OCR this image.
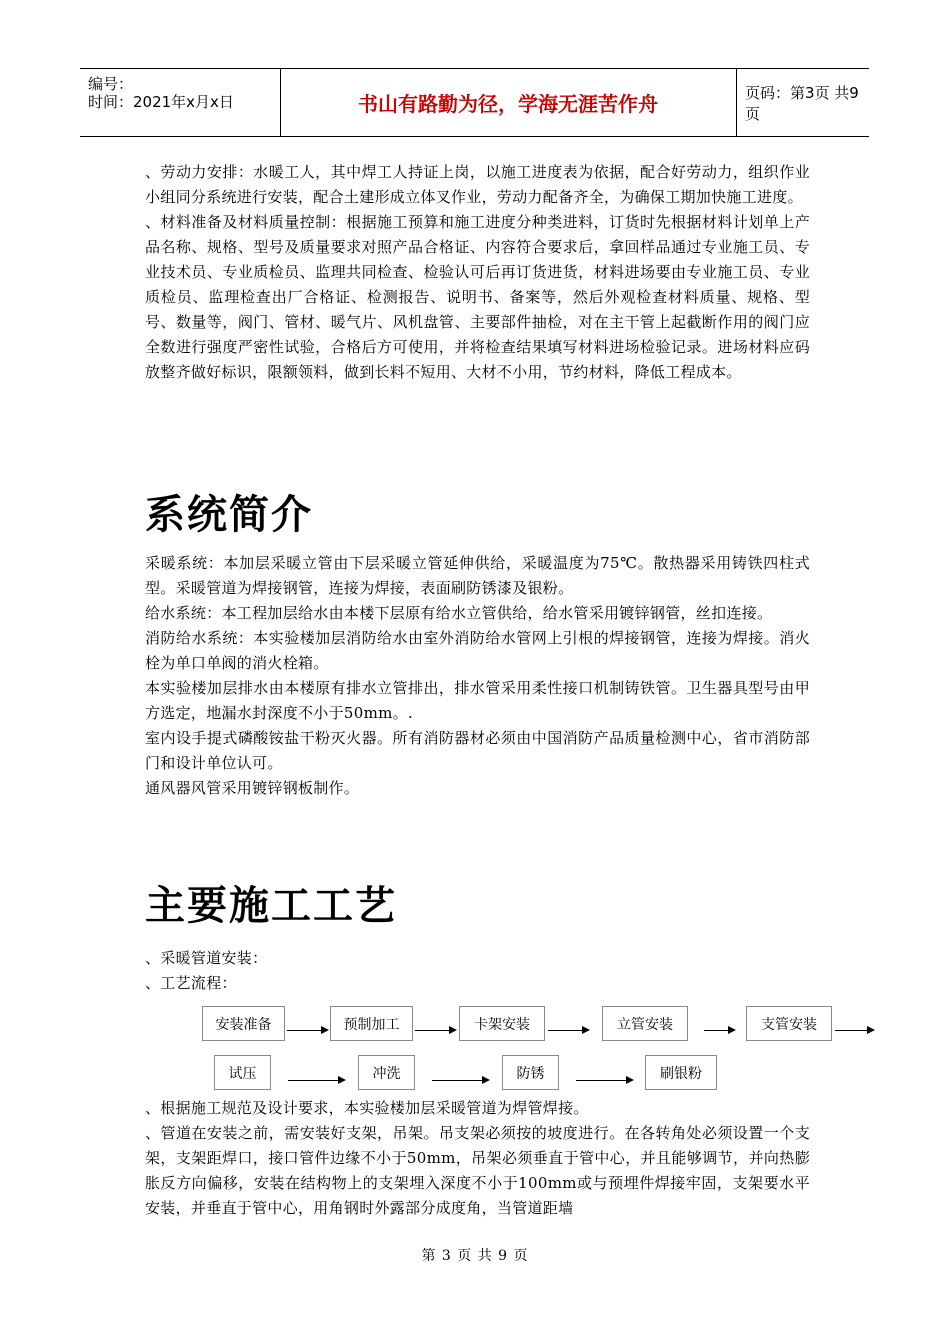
编号：
时间：2021年x月x日	书山有路勤为径，学海无涯苦作舟	页码：第3页 共9页

、劳动力安排：水暖工人，其中焊工人持证上岗，以施工进度表为依据，配合好劳动力，组织作业小组同分系统进行安装，配合土建形成立体叉作业，劳动力配备齐全，为确保工期加快施工进度。

、材料准备及材料质量控制：根据施工预算和施工进度分种类进料，订货时先根据材料计划单上产品名称、规格、型号及质量要求对照产品合格证、内容符合要求后，拿回样品通过专业施工员、专业技术员、专业质检员、监理共同检查、检验认可后再订货进货，材料进场要由专业施工员、专业质检员、监理检查出厂合格证、检测报告、说明书、备案等，然后外观检查材料质量、规格、型号、数量等，阀门、管材、暖气片、风机盘管、主要部件抽检，对在主干管上起截断作用的阀门应全数进行强度严密性试验，合格后方可使用，并将检查结果填写材料进场检验记录。进场材料应码放整齐做好标识，限额领料，做到长料不短用、大材不小用，节约材料，降低工程成本。

系统简介

采暖系统：本加层采暖立管由下层采暖立管延伸供给，采暖温度为75℃。散热器采用铸铁四柱式型。采暖管道为焊接钢管，连接为焊接，表面刷防锈漆及银粉。

给水系统：本工程加层给水由本楼下层原有给水立管供给，给水管采用镀锌钢管，丝扣连接。

消防给水系统：本实验楼加层消防给水由室外消防给水管网上引根的焊接钢管，连接为焊接。消火栓为单口单阀的消火栓箱。

本实验楼加层排水由本楼原有排水立管排出，排水管采用柔性接口机制铸铁管。卫生器具型号由甲方选定，地漏水封深度不小于50mm。.

室内设手提式磷酸铵盐干粉灭火器。所有消防器材必须由中国消防产品质量检测中心，省市消防部门和设计单位认可。

通风器风管采用镀锌钢板制作。

主要施工工艺

、采暖管道安装：

、工艺流程：

安装准备	预制加工	卡架安装	立管安装	支管安装
试压	冲洗	防锈	刷银粉

、根据施工规范及设计要求，本实验楼加层采暖管道为焊管焊接。

、管道在安装之前，需安装好支架，吊架。吊支架必须按的坡度进行。在各转角处必须设置一个支架，支架距焊口，接口管件边缘不小于50mm，吊架必须垂直于管中心，并且能够调节，并向热膨胀反方向偏移，安装在结构物上的支架埋入深度不小于100mm或与预埋件焊接牢固，支架要水平安装，并垂直于管中心，用角钢时外露部分成度角，当管道距墙

第 3 页 共 9 页
